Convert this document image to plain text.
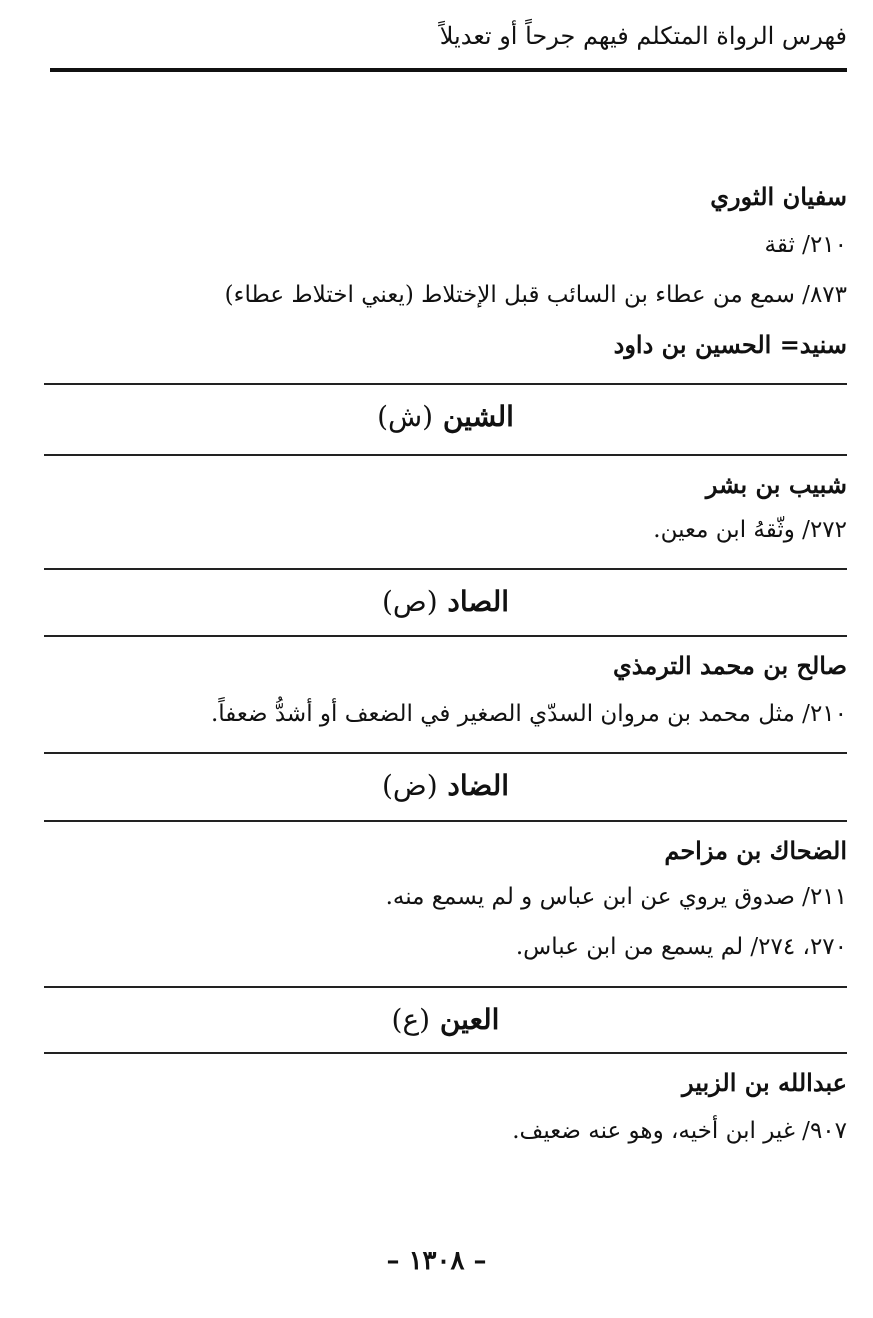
فهرس الرواة المتكلم فيهم جرحاً أو تعديلاً
سفيان الثوري
٢١٠/ ثقة
٨٧٣/ سمع من عطاء بن السائب قبل الإختلاط (يعني اختلاط عطاء)
سنيد= الحسين بن داود
الشين (ش)
شبيب بن بشر
٢٧٢/ وثّقهُ ابن معين.
الصاد (ص)
صالح بن محمد الترمذي
٢١٠/ مثل محمد بن مروان السدّي الصغير في الضعف أو أشدُّ ضعفاً.
الضاد (ض)
الضحاك بن مزاحم
٢١١/ صدوق يروي عن ابن عباس و لم يسمع منه.
٢٧٠، ٢٧٤/ لم يسمع من ابن عباس.
العين (ع)
عبدالله بن الزبير
٩٠٧/ غير ابن أخيه، وهو عنه ضعيف.
– ١٣٠٨ –
